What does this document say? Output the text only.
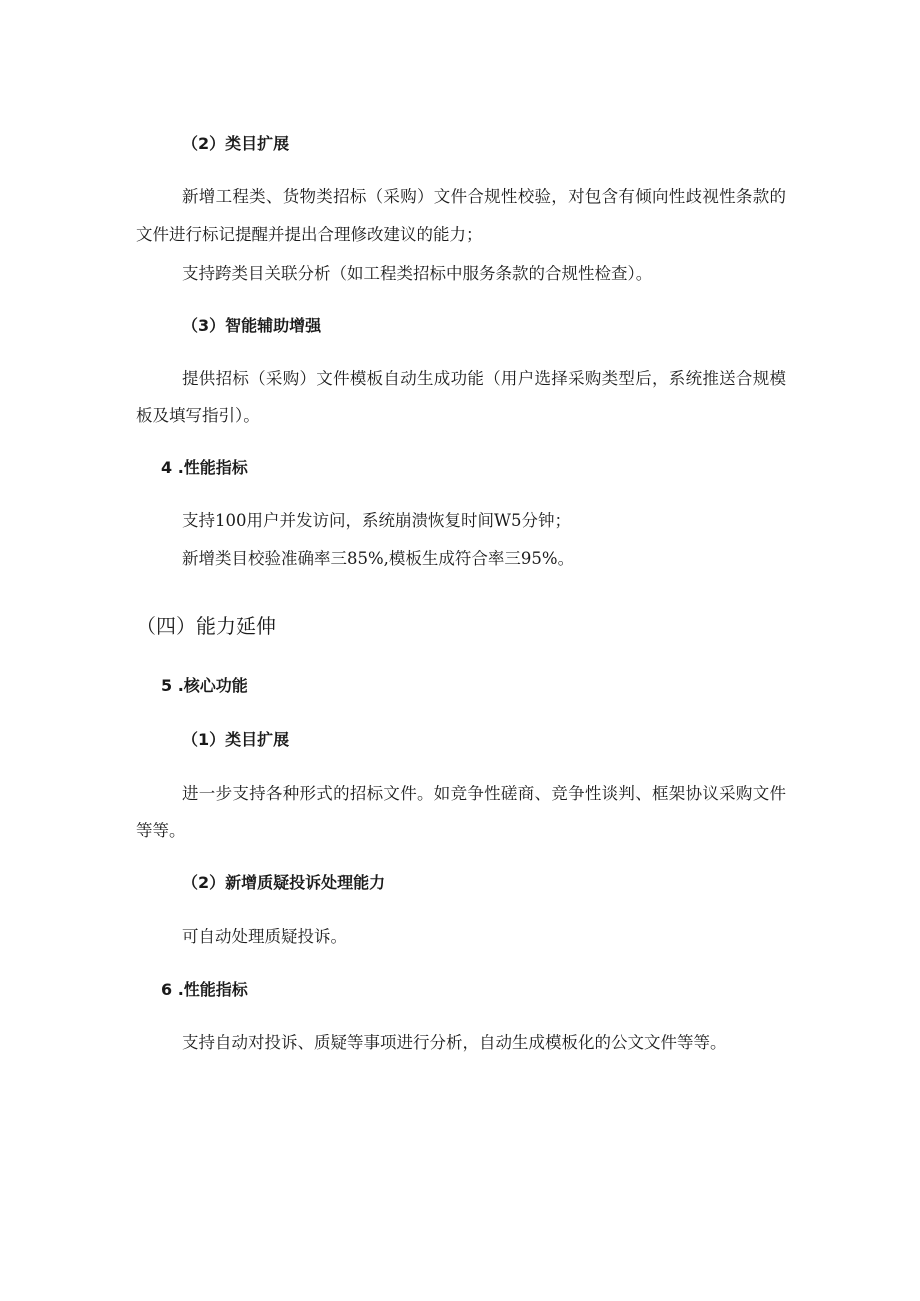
（2）类目扩展
新增工程类、货物类招标（采购）文件合规性校验，对包含有倾向性歧视性条款的
文件进行标记提醒并提出合理修改建议的能力；
支持跨类目关联分析（如工程类招标中服务条款的合规性检查）。
（3）智能辅助增强
提供招标（采购）文件模板自动生成功能（用户选择采购类型后，系统推送合规模
板及填写指引）。
4 .性能指标
支持100用户并发访问，系统崩溃恢复时间W5分钟；
新增类目校验准确率三85%,模板生成符合率三95%。
（四）能力延伸
5 .核心功能
（1）类目扩展
进一步支持各种形式的招标文件。如竞争性磋商、竞争性谈判、框架协议采购文件
等等。
（2）新增质疑投诉处理能力
可自动处理质疑投诉。
6 .性能指标
支持自动对投诉、质疑等事项进行分析，自动生成模板化的公文文件等等。
